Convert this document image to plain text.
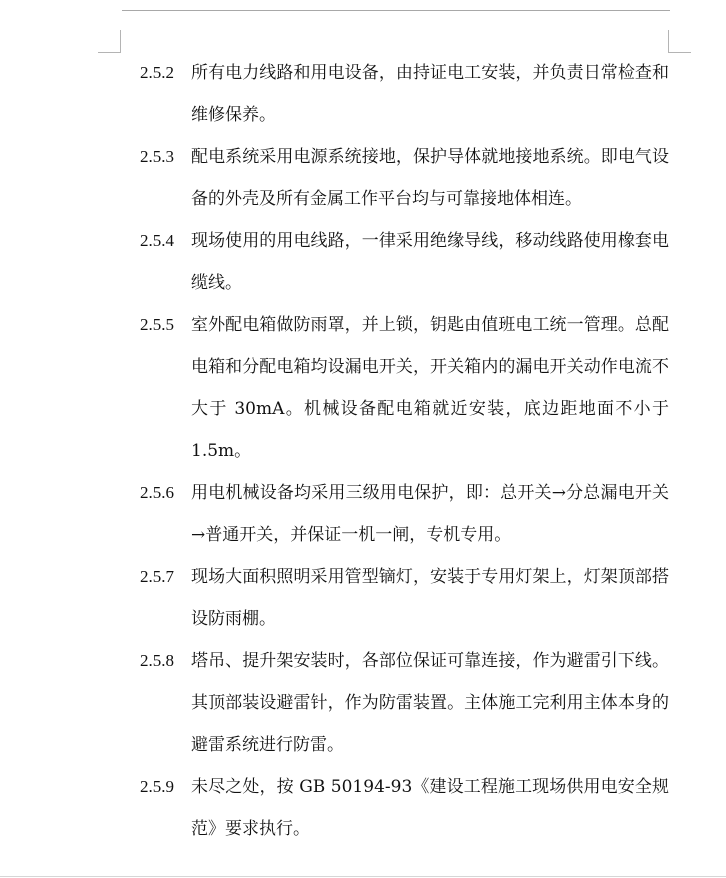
2.5.2 所有电力线路和用电设备，由持证电工安装，并负责日常检查和维修保养。
2.5.3 配电系统采用电源系统接地，保护导体就地接地系统。即电气设备的外壳及所有金属工作平台均与可靠接地体相连。
2.5.4 现场使用的用电线路，一律采用绝缘导线，移动线路使用橡套电缆线。
2.5.5 室外配电箱做防雨罩，并上锁，钥匙由值班电工统一管理。总配电箱和分配电箱均设漏电开关，开关箱内的漏电开关动作电流不大于 30mA。机械设备配电箱就近安装，底边距地面不小于 1.5m。
2.5.6 用电机械设备均采用三级用电保护，即：总开关→分总漏电开关→普通开关，并保证一机一闸，专机专用。
2.5.7 现场大面积照明采用管型镝灯，安装于专用灯架上，灯架顶部搭设防雨棚。
2.5.8 塔吊、提升架安装时，各部位保证可靠连接，作为避雷引下线。其顶部装设避雷针，作为防雷装置。主体施工完利用主体本身的避雷系统进行防雷。
2.5.9 未尽之处，按 GB 50194-93《建设工程施工现场供用电安全规范》要求执行。
